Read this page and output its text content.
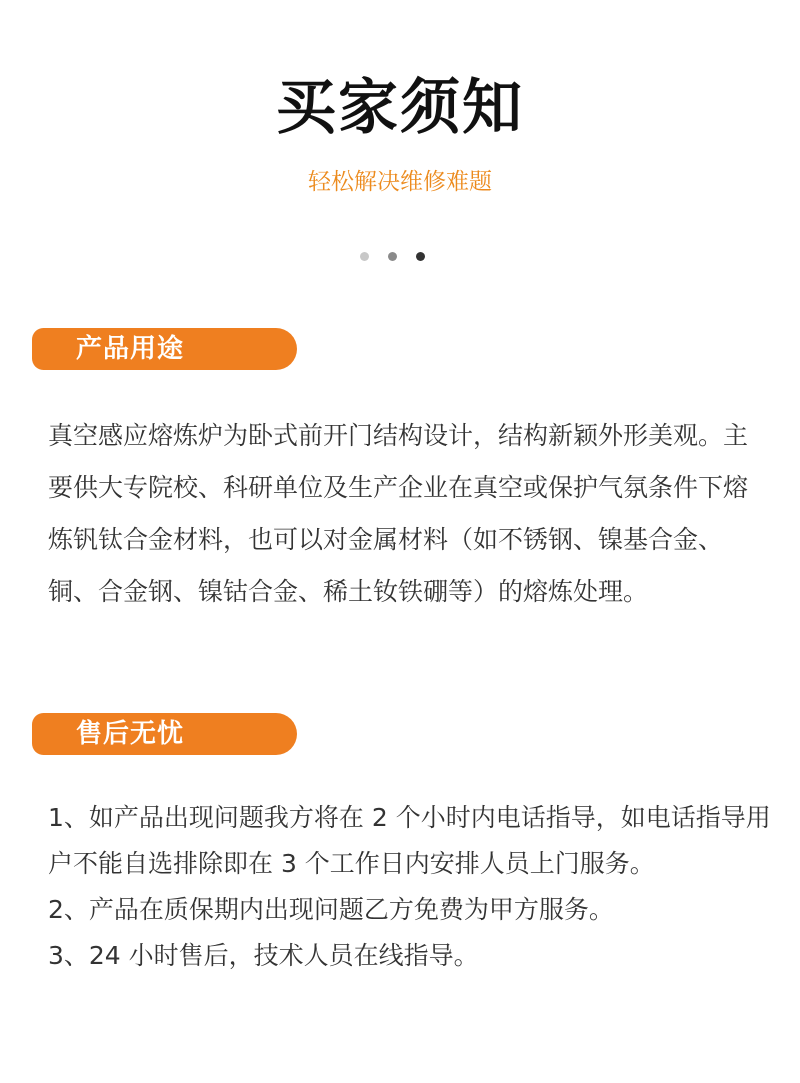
买家须知
轻松解决维修难题
产品用途

真空感应熔炼炉为卧式前开门结构设计，结构新颖外形美观。主要供大专院校、科研单位及生产企业在真空或保护气氛条件下熔炼钒钛合金材料，也可以对金属材料（如不锈钢、镍基合金、铜、合金钢、镍钴合金、稀土钕铁硼等）的熔炼处理。

售后无忧

1、如产品出现问题我方将在 2 个小时内电话指导，如电话指导用户不能自选排除即在 3 个工作日内安排人员上门服务。

2、产品在质保期内出现问题乙方免费为甲方服务。

3、24 小时售后，技术人员在线指导。
